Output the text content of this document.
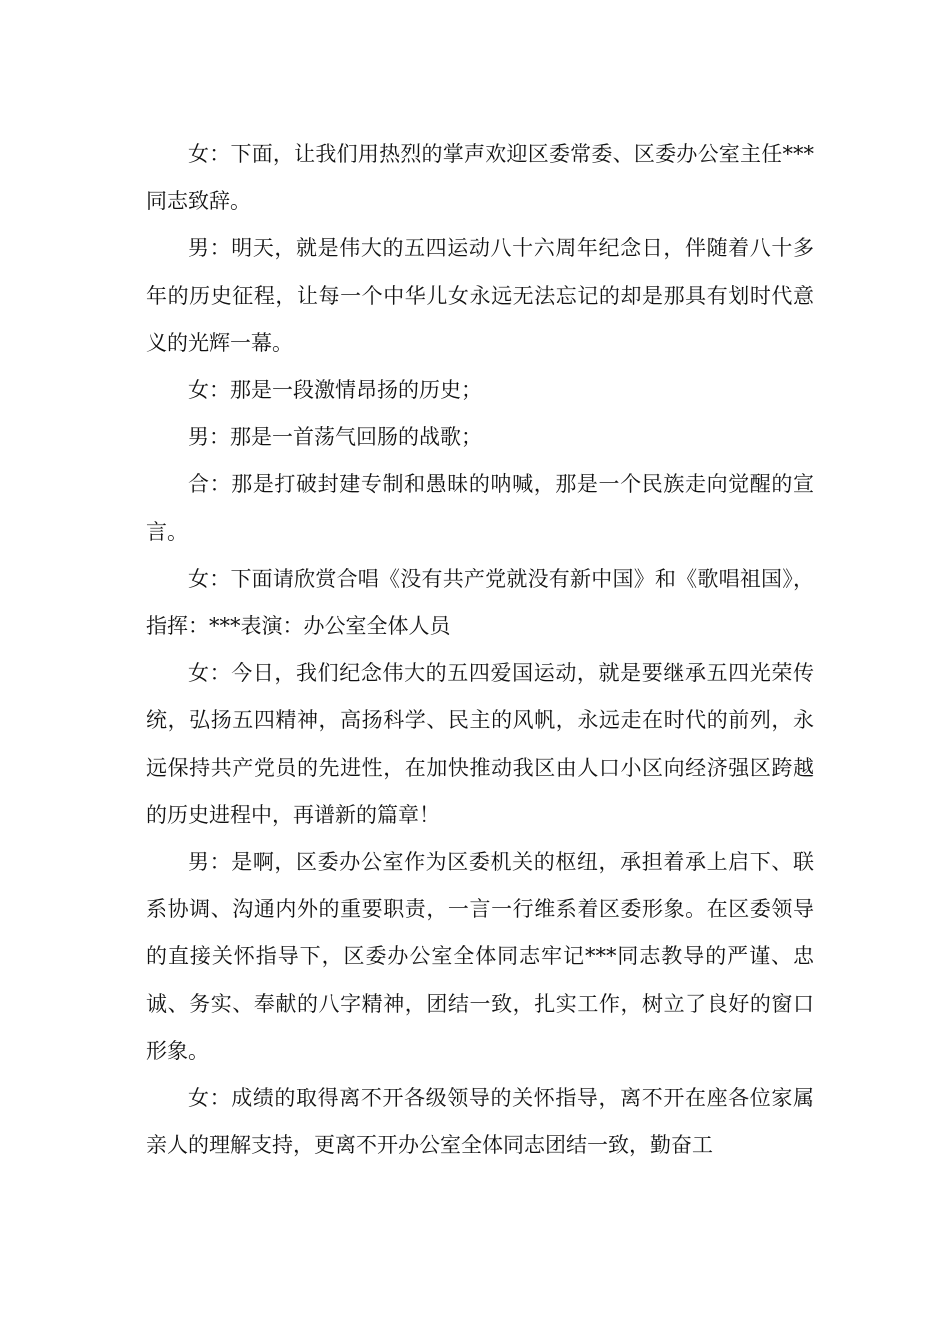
女：下面，让我们用热烈的掌声欢迎区委常委、区委办公室主任***同志致辞。

男：明天，就是伟大的五四运动八十六周年纪念日，伴随着八十多年的历史征程，让每一个中华儿女永远无法忘记的却是那具有划时代意义的光辉一幕。

女：那是一段激情昂扬的历史；

男：那是一首荡气回肠的战歌；

合：那是打破封建专制和愚昧的呐喊，那是一个民族走向觉醒的宣言。

女：下面请欣赏合唱《没有共产党就没有新中国》和《歌唱祖国》，指挥：***表演：办公室全体人员

女：今日，我们纪念伟大的五四爱国运动，就是要继承五四光荣传统，弘扬五四精神，高扬科学、民主的风帆，永远走在时代的前列，永远保持共产党员的先进性，在加快推动我区由人口小区向经济强区跨越的历史进程中，再谱新的篇章！

男：是啊，区委办公室作为区委机关的枢纽，承担着承上启下、联系协调、沟通内外的重要职责，一言一行维系着区委形象。在区委领导的直接关怀指导下，区委办公室全体同志牢记***同志教导的严谨、忠诚、务实、奉献的八字精神，团结一致，扎实工作，树立了良好的窗口形象。

女：成绩的取得离不开各级领导的关怀指导，离不开在座各位家属亲人的理解支持，更离不开办公室全体同志团结一致，勤奋工
